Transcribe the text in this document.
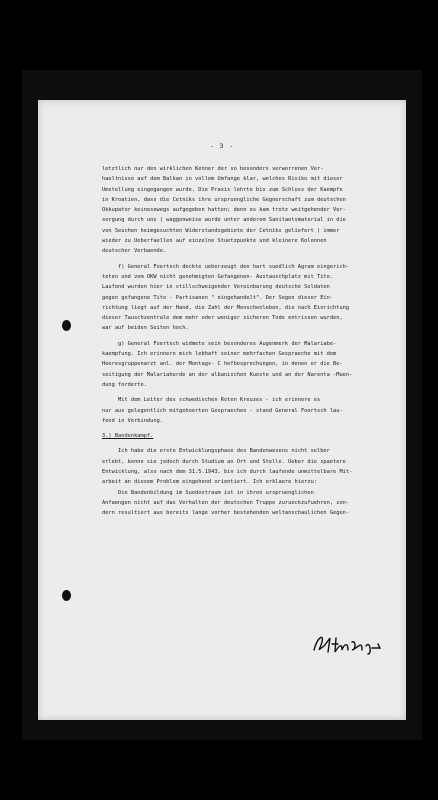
- 3 -
letztlich nur den wirklichen Kenner der so besonders verworrenen Ver-
haeltnisse auf dem Balkan in vollem Umfange klar, welches Risiko mit dieser
Umstellung eingegangen wurde. Die Praxis lehrte bis zum Schluss der Kaempfe
in Kroatien, dass die Cetniks ihre urspruengliche Gegnerschaft zum deutschen
Okkupator keinesewegs aufgegeben hatten; denn es kam trotz weitgehender Ver-
sorgung durch uns ( waggonweise wurde unter anderem Sanitaetsmaterial in die
von Seuchen heimgesuchten Widerstandsgebiete der Cetniks geliefert ) immer
wieder zu Ueberfaellen auf einzelne Stuetzpunkte und kleinere Kolonnen
deutscher Verbaende.
f) General Foertsch deckte ueberzeugt den hart suedlich Agram eingerich-
teten und vom OKW nicht genehmigten Gefangenen- Austauschplatz mit Tito.
Laufend wurden hier in stillschweigender Vereinbarung deutsche Soldaten
gegen gefangene Tito - Partisanen " eingehandelt". Der Segen dieser Ein-
richtung liegt auf der Hand, die Zahl der Menschenleben, die nach Einrichtung
dieser Tauschzentrale dem mehr oder weniger sicheren Tode entrissen wurden,
war auf beiden Seiten hoch.
g) General Foertsch widmete sein besonderes Augenmerk der Malariabe-
kaempfung. Ich erinnere mich lebhaft seiner mehrfachen Gespraeche mit dem
Heeresgruppenarzt anl. der Montags- C hefbesprechungen, in denen er die Be-
seitigung der Malariaherde an der albanischen Kueste und an der Narenta -Muen-
dung forderte.
Mit dem Leiter des schwedischen Roten Kreuzes - ich erinnere es
nur aus gelegentlich mitgehoerten Gespraechen - stand General Foertsch lau-
fend in Verbindung.
3.) Bandenkampf.
Ich habe die erste Entwicklungsphase des Bandenwesens nicht selber
erlebt, kenne sie jedoch durch Studium an Ort und Stelle. Ueber die spaetere
Entwicklung, also nach dem 31.5.1943, bin ich durch laufende unmittelbare Mit-
arbeit an diesem Problem eingehend orientiert. Ich erklaere hierzu:
Die Bandenbildung im Suedostraum ist in ihren urspruenglichen
Anfaengen nicht auf das Verhalten der deutschen Truppe zurueckzufuehren, son-
dern resultiert aus bereits lange vorher bestehenden weltanschaulichen Gegen-
